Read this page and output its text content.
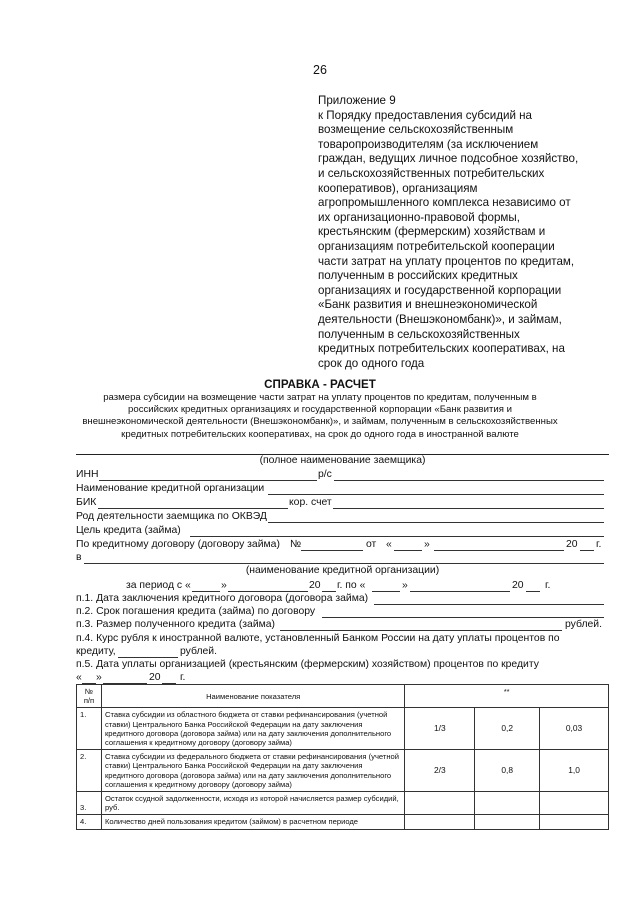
26
Приложение 9
к Порядку предоставления субсидий на
возмещение сельскохозяйственным
товаропроизводителям (за исключением
граждан, ведущих личное подсобное хозяйство,
и сельскохозяйственных потребительских
кооперативов), организациям
агропромышленного комплекса независимо от
их организационно-правовой формы,
крестьянским (фермерским) хозяйствам и
организациям потребительской кооперации
части затрат на уплату процентов по кредитам,
полученным в российских кредитных
организациях и государственной корпорации
«Банк развития и внешнеэкономической
деятельности (Внешэкономбанк)», и займам,
полученным в сельскохозяйственных
кредитных потребительских кооперативах, на
срок до одного года
СПРАВКА - РАСЧЕТ
размера субсидии на возмещение части затрат на уплату процентов по кредитам, полученным в
российских кредитных организациях и государственной корпорации «Банк развития и
внешнеэкономической деятельности (Внешэкономбанк)», и займам, полученным в сельскохозяйственных
кредитных потребительских кооперативах, на срок до одного года в иностранной валюте
(полное наименование заемщика)
ИНН	р/с
Наименование кредитной организации
БИК	кор. счет
Род деятельности заемщика по ОКВЭД
Цель кредита (займа)
По кредитному договору (договору займа) №	от «	»	20 г.
в
(наименование кредитной организации)
за период с «	»	20 г. по «	»	20 г.
п.1. Дата заключения кредитного договора (договора займа)
п.2. Срок погашения кредита (займа) по договору
п.3. Размер полученного кредита (займа)	рублей.
п.4. Курс рубля к иностранной валюте, установленный Банком России на дату уплаты процентов по
кредиту,	рублей.
п.5. Дата уплаты организацией (крестьянским (фермерским) хозяйством) процентов по кредиту
№
п/п	Наименование показателя	**		
1.	Ставка субсидии из областного бюджета от ставки рефинансирования (учетной ставки) Центрального Банка Российской Федерации на дату заключения кредитного договора (договора займа) или на дату заключения дополнительного соглашения к кредитному договору (договору займа)	1/3	0,2	0,03
2.	Ставка субсидии из федерального бюджета от ставки рефинансирования (учетной ставки) Центрального Банка Российской Федерации на дату заключения кредитного договора (договора займа) или на дату заключения дополнительного соглашения к кредитному договору (договору займа)	2/3	0,8	1,0
3.	Остаток ссудной задолженности, исходя из которой начисляется размер субсидий, руб.			
4.	Количество дней пользования кредитом (займом) в расчетном периоде			
« »	20 г.
